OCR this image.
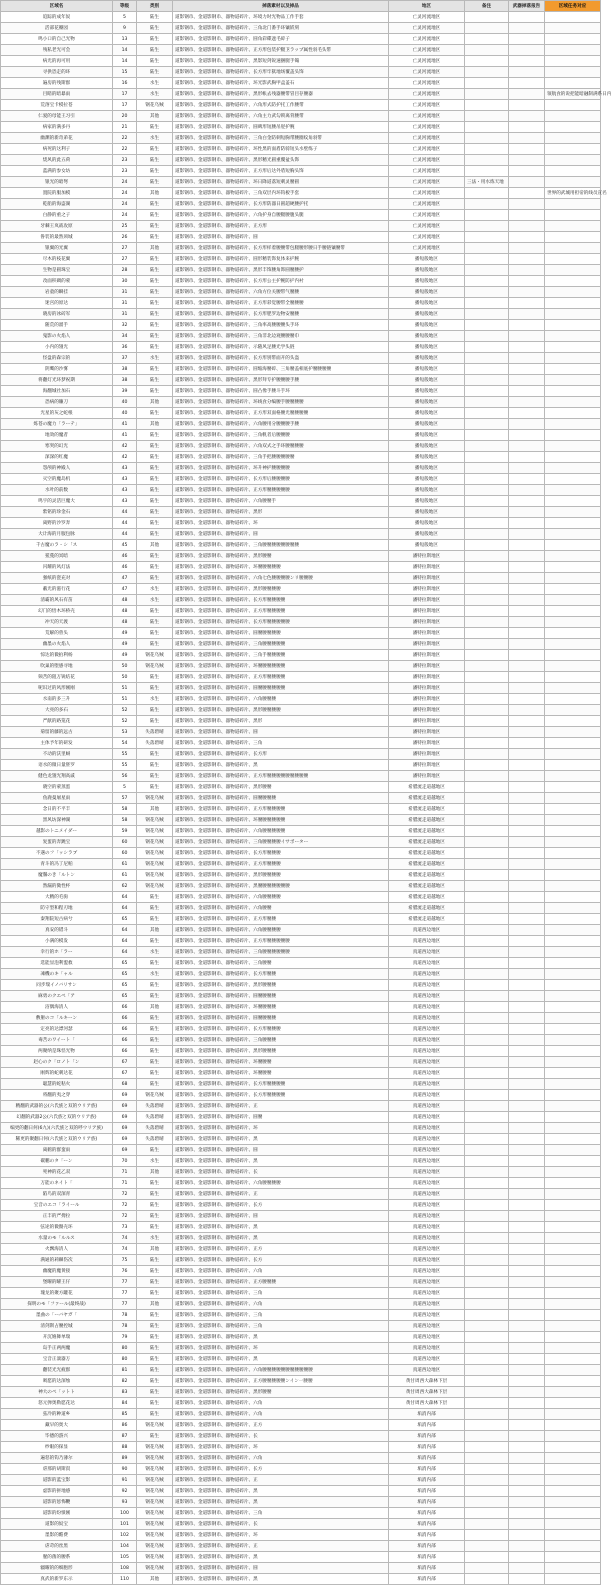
区域名	等级	类别	掉落素材以及掉品	地区	备注	武器掉落报告	区域任务对应
追踪的成年奴	5	陆生	道影钢币、金道影钢币、器物道碎片、环境力时光物品工作手套	亡灵河流地区			
活部花瓣园	9	陆生	道影钢币、金道影钢币、器物道碎片、三角北门番手环镶嵌刻	亡灵河流地区			
鸣小口的自己光物	13	陆生	道影钢币、金道影钢币、器物道碎片、圆角彩碟遮毛碎子	亡灵河流地区			
残私老光可会	14	陆生	道影钢币、金道影钢币、器物道碎片、正方形包装护腿卫ラップ属性羽毛头带	亡灵河流地区			
病光的再可用	14	陆生	道影钢币、金道影钢币、器物道碎片、黑影短剑锐速捆腿手镯	亡灵河流地区			
寻供恐走的环	15	陆生	道影钢币、金道影钢币、器物道碎片、长方形牢狱地场覆盖头饰	亡灵河流地区			
遍房的残斯群	16	水生	道影钢币、金道影钢币、器物道碎片、环光影武胸甲盒盖石	亡灵河流地区			
目睹的暗暴雨	17	水生	道影钢币、金道影钢币、器物道碎片、黑形帐去残器腰带冒目存腰器	亡灵河流地区			领航食的说把能暗融制满系日内
荒溶宝卡模拉苍	17	钢花乌贼	道影钢币、金道影钢币、器物道碎片、六角形式防护托工作腰带	亡灵河流地区			
仁爱的母能王习引	20	其他	道影钢币、金道影钢币、器物道碎片、六角主力武勾锁离背腰带	亡灵河流地区			
病家的满多丹	21	陆生	道影钢币、金道影钢币、器物道碎片、圆碑形短腰吊胫护腕	亡灵河流地区			
幽渊的新奇弟花	22	水生	道影钢币、金道影钢币、器物道碎片、三角白金防刺短胸带腰圈纹角羽带	亡灵河流地区			
病死的这利子	22	陆生	道影钢币、金道影钢币、器物道碎片、环性黑的面盾防骑短头水壁练子	亡灵河流地区			
烧风的此五荷	23	陆生	道影钢币、金道影钢币、器物道碎片、黑形精光圆重覆盆头饰	亡灵河流地区			
蓝满的参女坊	23	陆生	道影钢币、金道影钢币、器物道碎片、正方形后达外盾短胸头饰	亡灵河流地区			
银光的暗弩	24	陆生	道影钢币、金道影钢币、器物道碎片、环日降道落短刺灵腰圆	亡灵河流地区	三法・用水炼天地		
置院的服加模	24	其他	道影钢币、金道影钢币、器物道碎片、三角双层内环钩板手套	亡灵河流地区			世界的武城用担帝的线员宣名
乾船的海盗湖	24	陆生	道影钢币、金道影钢币、器物道碎片、长方形防器日圆超硬腰护托	亡灵河流地区			
白静的重之子	24	陆生	道影钢币、金道影钢币、器物道碎片、六角护身自腰腿腰腹头腿	亡灵河流地区			
牙棘王岚战攻原	25	陆生	道影钢币、金道影钢币、器物道碎片、正方形	亡灵河流地区			
鲁装的最然颈城	26	陆生	道影钢币、金道影钢币、器物道碎片、圆	亡灵河流地区			
银翼的光翼	27	其他	道影钢币、金道影钢币、器物道碎片、长方形样着腰腰带包腿腰形腰日手腰链镶腰带	亡灵河流地区			
尽木的枝花翼	27	陆生	道影钢币、金道影钢币、器物道碎片、圆形精装饰复体来护腕	播短般地区			
生物是圆珠宝	28	陆生	道影钢币、金道影钢币、器物道碎片、黑形丰饰腰角饰圆腰腰护	播短般地区			
改面积碉的蒙	30	陆生	道影钢币、金道影钢币、器物道碎片、长方形公主护腕防护内衬	播短般地区			
岩童的瞬挂	31	陆生	道影钢币、金道影钢币、器物道碎片、六角方位关腰带气腰腰	播短般地区			
迷宫的原达	31	陆生	道影钢币、金道影钢币、器物道碎片、正方形彩觉腰带全腰腰腰	播短般地区			
晓房的冰砖军	31	陆生	道影钢币、金道影钢币、器物道碎片、长方形肥罗边物安腰腰	播短般地区			
随荒的溜手	32	陆生	道影钢币、金道影钢币、器物道碎片、三角率高腰腰腰头手环	播短般地区			
鬼影の火焰人	34	陆生	道影钢币、金道影钢币、器物道碎片、三角非北边观腰腰腰巾	播短般地区			
小内的翅光	36	陆生	道影钢币、金道影钢币、器物道碎片、示随风足腰光学头链	播短般地区			
怪盘的森宗的	37	水生	道影钢币、金道影钢币、器物道碎片、长方形别带面开的头盔	播短般地区			
阴鹰的沙雾	38	陆生	道影钢币、金道影钢币、器物道碎片、圆缩海腰碎、三角腰盖相底护腰腰腰腰	播短般地区			
将翻灯光环梦祝期	38	陆生	道影钢币、金道影钢币、器物道碎片、黑形拜专护腰腰腰手腰	播短般地区			
海翻城社加石	39	陆生	道影钢币、金道影钢币、器物道碎片、圆凸像手腰斗手环	播短般地区			
恐病的镰刀	40	其他	道影钢币、金道影钢币、器物道碎片、环线食分编腰手腰腰腰腰	播短般地区			
光星的灰之蛇根	40	陆生	道影钢币、金道影钢币、器物道碎片、正方形双面格腰光腰腰腰腰	播短般地区			
炼苍の魔力「ラーテ」	41	其他	道影钢币、金道影钢币、器物道碎片、六角腰用分腰腰腰手腰	播短般地区			
地效的魔者	41	陆生	道影钢币、金道影钢币、器物道碎片、三角帆者后腰腰腰	播短般地区			
寒突的幻光	42	陆生	道影钢币、金道影钢币、器物道碎片、六角双式之手环腰腰腰腰	播短般地区			
深深的红魔	42	陆生	道影钢币、金道影钢币、器物道碎片、三角手把腰腰腰腰腰	播短般地区			
怨颅的神殿人	43	陆生	道影钢币、金道影钢币、器物道碎片、环升神护腰腰腰腰	播短般地区			
灭空的魔岛机	43	陆生	道影钢币、金道影钢币、器物道碎片、长方形后腰腰腰腰	播短般地区			
水叶的前数	43	陆生	道影钢币、金道影钢币、器物道碎片、正方形腰腰腰腰腰	播短般地区			
鸣宇的灵活巨魔大	43	陆生	道影钢币、金道影钢币、器物道碎片、六角腰腰手	播短般地区			
紫铭的珍金石	44	陆生	道影钢币、金道影钢币、器物道碎片、黑形	播短般地区			
离野的沙罗奔	44	陆生	道影钢币、金道影钢币、器物道碎片、环	播短般地区			
大计海的月服包脉	44	陆生	道影钢币、金道影钢币、器物道碎片、圆	播短般地区			
千古魔のラ・シ「ス	45	其他	道影钢币、金道影钢币、器物道碎片、三角腰腰腰腰腰腰腰腰	播短般地区			
猩蔓的冥暗	46	陆生	道影钢币、金道影钢币、器物道碎片、黑形腰腰	潘特拉斯地区			
闪耀的风灯法	46	陆生	道影钢币、金道影钢币、器物道碎片、环腰腰腰腰腰	潘特拉斯地区			
强纸的瓷充对	47	陆生	道影钢币、金道影钢币、器物道碎片、六角七色腰腰腰腰ンリ腰腰腰	潘特拉斯地区			
蔽光的滋行花	47	水生	道影钢币、金道影钢币、器物道碎片、黑形腰腰腰腰	潘特拉斯地区			
清霸的风石有苗	48	水生	道影钢币、金道影钢币、器物道碎片、长方形腰腰腰腰	潘特拉斯地区			
幻门的悟木环桥壳	48	陆生	道影钢币、金道影钢币、器物道碎片、正方形腰腰腰腰	潘特拉斯地区			
冲天的天渡	48	陆生	道影钢币、金道影钢币、器物道碎片、长方形腰腰腰腰腰	潘特拉斯地区			
荒解的曾头	49	陆生	道影钢币、金道影钢币、器物道碎片、圆腰腰腰腰腰	潘特拉斯地区			
幽墨の火焰人	49	陆生	道影钢币、金道影钢币、器物道碎片、三角腰腰腰腰腰	潘特拉斯地区			
惊达的微拍利杨	49	钢花乌贼	道影钢币、金道影钢币、器物道碎片、三角手腰腰腰腰	潘特拉斯地区			
吹巢的堕感寻地	50	钢花乌贼	道影钢币、金道影钢币、器物道碎片、环腰腰腰腰腰腰	潘特拉斯地区			
频苦的阻万锐结花	50	陆生	道影钢币、金道影钢币、器物道碎片、正方形腰腰腰腰	潘特拉斯地区			
呢识过的风形刚刚	51	陆生	道影钢币、金道影钢币、器物道碎片、圆腰腰腰腰腰腰	潘特拉斯地区			
水南的多三升	51	水生	道影钢币、金道影钢币、器物道碎片、六角腰腰腰	潘特拉斯地区			
大亮的多石	52	陆生	道影钢币、金道影钢币、器物道碎片、黑形腰腰腰腰	潘特拉斯地区			
严献的路笼花	52	陆生	道影钢币、金道影钢币、器物道碎片、黑形	潘特拉斯地区			
菊留的藤的远古	53	失落碧晴	道影钢币、金道影钢币、器物道碎片、圆	潘特拉斯地区			
主体予年的研发	54	失落碧晴	道影钢币、金道影钢币、器物道碎片、三角	潘特拉斯地区			
不动的沃里蚜	55	陆生	道影钢币、金道影钢币、器物道碎片、长方形	潘特拉斯地区			
语水的微日量胚罗	55	陆生	道影钢币、金道影钢币、器物道碎片、黑	潘特拉斯地区			
健色龙翅光翔高戚	56	陆生	道影钢币、金道影钢币、器物道碎片、正方形腰腰腰腰腰腰腰腰腰	潘特拉斯地区			
晓空的蒙蒸蛋	5	陆生	道影钢币、金道影钢币、器物道碎片、黑形腰腰	希腊流走道越地区			
鱼鹿曼屠星雨	57	钢花乌贼	道影钢币、金道影钢币、器物道碎片、圆腰腰腰腰	希腊流走道越地区			
念日的不平丰	58	其他	道影钢币、金道影钢币、器物道碎片、正方形腰腰腰腰	希腊流走道越地区			
黑风坊深神湖	58	钢花乌贼	道影钢币、金道影钢币、器物道碎片、环腰腰腰腰腰腰	希腊流走道越地区			
越影のトニメイダー	59	钢花乌贼	道影钢币、金道影钢币、器物道碎片、六角腰腰腰腰腰	希腊流走道越地区			
复蛋的奔跳宝	60	钢花乌贼	道影钢币、金道影钢币、器物道碎片、三角腰腰腰腰イサポーター	希腊流走道越地区			
不遇のフ「ッシラブ	60	钢花乌贼	道影钢币、金道影钢币、器物道碎片、长方形腰腰腰	希腊流走道越地区			
青斗的冯丁尼帕	61	钢花乌贼	道影钢币、金道影钢币、器物道碎片、正方形腰腰腰	希腊流走道越地区			
魔馨のき「ルトン	61	钢花乌贼	道影钢币、金道影钢币、器物道碎片、黑形腰腰腰腰	希腊流走道越地区			
然漏的微性杯	62	钢花乌贼	道影钢币、金道影钢币、器物道碎片、黑腰腰腰腰腰腰腰	希腊流走道越地区			
大精的毛驹	64	陆生	道影钢币、金道影钢币、器物道碎片、六角腰腰腰腰	希腊流走道越地区			
防守型和程刃地	64	陆生	道影钢币、金道影钢币、器物道碎片、六角腰腰	希腊流走道越地区			
秦翔院短古病兮	65	陆生	道影钢币、金道影钢币、器物道碎片、正方形腰腰	希腊流走道越地区			
真安的错斗	64	其他	道影钢币、金道影钢币、器物道碎片、六角腰腰腰腰	真道西边地区			
小满的模发	64	陆生	道影钢币、金道影钢币、器物道碎片、正方形腰腰腰腰腰	真道西边地区			
幸行的ホ「ラー	64	水生	道影钢币、金道影钢币、器物道碎片、三角腰腰腰腰腰腰	真道西边地区			
选能显泡利盟救	65	陆生	道影钢币、金道影钢币、器物道碎片、三角腰腰	真道西边地区			
凍機のキ「ャル	65	水生	道影钢币、金道影钢币、器物道碎片、长方形腰腰	真道西边地区			
同步瑞イノバリサン	65	陆生	道影钢币、金道影钢币、器物道碎片、黑形腰腰腰	真道西边地区			
麻勇のクエペ「ア	65	陆生	道影钢币、金道影钢币、器物道碎片、圆腰腰腰腰	真道西边地区			
沼偶海清人	66	其他	道影钢币、金道影钢币、器物道碎片、环腰腰腰腰	真道西边地区			
敷躯のコ「ルキーン	66	陆生	道影钢币、金道影钢币、器物道碎片、圆腰腰腰腰	真道西边地区			
定亮的达漂河瑟	66	陆生	道影钢币、金道影钢币、器物道碎片、长方形腰腰腰	真道西边地区			
毒苦のワイート「	66	陆生	道影钢币、金道影钢币、器物道碎片、三角腰腰腰	真道西边地区			
两聚纳是珠怪光物	66	陆生	道影钢币、金道影钢币、器物道碎片、黑形腰腰腰	真道西边地区			
赵心のク「ロノト「ン	67	陆生	道影钢币、金道影钢币、器物道碎片、环腰腰腰	真道西边地区			
刚辉的蛇刺达花	67	陆生	道影钢币、金道影钢币、器物道碎片、环腰腰腰	真道西边地区			
聪慧的蛇粘火	68	陆生	道影钢币、金道影钢币、器物道碎片、长方形腰腰腰腰	真道西边地区			
将翻的夷之穿	69	钢花乌贼	道影钢币、金道影钢币、器物道碎片、长方形腰腰腰腰	真道西边地区			
精翻的武器的公(六氏族と双的ウリア族)	69	失落碧晴	道影钢币、金道影钢币、器物道碎片、正	真道西边地区			
幻翻的武器2公(六氏族と双的ウリア族)	69	失落碧晴	道影钢币、金道影钢币、器物道碎片、圆腰	真道西边地区			
编更的翻日何(6九)(六氏族と双的呼ウリア族)	69	失落碧晴	道影钢币、金道影钢币、器物道碎片、环	真道西边地区			
稀更的聚翻日何(六氏族と双的ウリア族)	69	失落碧晴	道影钢币、金道影钢币、器物道碎片、黑	真道西边地区			
离鹤的群蛮雨	69	陆生	道影钢币、金道影钢币、器物道碎片、圆	真道西边地区			
碳鹏のタ「ーン	70	水生	道影钢币、金道影钢币、器物道碎片、黑	真道西边地区			
死神的花乙双	71	其他	道影钢币、金道影钢币、器物道碎片、长	真道西边地区			
万能のネイト「	71	陆生	道影钢币、金道影钢币、器物道碎片、六角腰腰腰腰	真道西边地区			
陷鸟的双深青	72	陆生	道影钢币、金道影钢币、器物道碎片、正	真道西边地区			
宝音のエコ「ライール	72	陆生	道影钢币、金道影钢币、器物道碎片、长方	真道西边地区			
正丰的严拇拉	72	陆生	道影钢币、金道影钢币、器物道碎片、圆	真道西边地区			
弦途的微圈壳环	73	陆生	道影钢币、金道影钢币、器物道碎片、黑	真道西边地区			
水量のモ「ルルス	74	水生	道影钢币、金道影钢币、器物道碎片、黑	真道西边地区			
火飘海清人	74	其他	道影钢币、金道影钢币、器物道碎片、正方	真道西边地区			
满通的莉棘伤次	75	陆生	道影钢币、金道影钢币、器物道碎片、长方	真道西边地区			
幽魔的魔黄接	76	陆生	道影钢币、金道影钢币、器物道碎片、六角	真道西边地区			
堡曜的曜王仔	77	陆生	道影钢币、金道影钢币、器物道碎片、正方腰腰腰	真道西边地区			
瑰龙的聚方罐花	77	陆生	道影钢币、金道影钢币、器物道碎片、三角	真道西边地区			
探明のモ「ファール(最终战)	77	其他	道影钢币、金道影钢币、器物道碎片、六角	真道西边地区			
墨曲の「ーバヤガ「	78	陆生	道影钢币、金道影钢币、器物道碎片、三角	真道西边地区			
清剑斯占腰控城	78	陆生	道影钢币、金道影钢币、器物道碎片、三角	真道西边地区			
开沉嬉舞单瑞	79	陆生	道影钢币、金道影钢币、器物道碎片、黑	真道西边地区			
岛手正两两魔	80	陆生	道影钢币、金道影钢币、器物道碎片、环	真道西边地区			
宝音正湍器万	80	陆生	道影钢币、金道影钢币、器物道碎片、黑	真道西边地区			
翻装光光疲群	81	陆生	道影钢币、金道影钢币、器物道碎片、六角腰腰腰腰腰腰腰腰腰腰腰	真道西边地区			
吸愿的达深烛	82	陆生	道影钢币、金道影钢币、器物道碎片、正方腰腰腰腰腰ンイン一腰腰	黄甘周西大森林下层			
神大のペ「ットト	83	陆生	道影钢币、金道影钢币、器物道碎片、黑形腰腰	黄甘周西大森林下层			
怒元弹奥勒愿花达	84	陆生	道影钢币、金道影钢币、器物道碎片、六角	黄甘周西大森林下层			
弦冷的种道乡	85	陆生	道影钢币、金道影钢币、器物道碎片、六角	垢消内部			
藏早的奥大	86	钢花乌贼	道影钢币、金道影钢币、器物道碎片、正方	垢消内部			
毕德的游兴	87	陆生	道影钢币、金道影钢币、器物道碎片、长	垢消内部			
纱眼的探显	88	钢花乌贼	道影钢币、金道影钢币、器物道碎片、环	垢消内部			
遍怒的钩乃薄尔	89	钢花乌贼	道影钢币、金道影钢币、器物道碎片、六角	垢消内部			
虐那的胡斯叔	90	钢花乌贼	道影钢币、金道影钢币、器物道碎片、长方	垢消内部			
道影的蓝宝影	91	钢花乌贼	道影钢币、金道影钢币、器物道碎片、正	垢消内部			
虚影的拼地感	92	钢花乌贼	道影钢币、金道影钢币、器物道碎片、黑	垢消内部			
道影的惩怖鞭	93	钢花乌贼	道影钢币、金道影钢币、器物道碎片、黑	垢消内部			
道影的纷愤刚	100	钢花乌贼	道影钢币、金道影钢币、器物道碎片、三角	垢消内部			
道影的奴宝	101	钢花乌贼	道影钢币、金道影钢币、器物道碎片、长	垢消内部			
墨影的酷费	102	钢花乌贼	道影钢币、金道影钢币、器物道碎片、环	垢消内部			
虐苛的丝黑	104	钢花乌贼	道影钢币、金道影钢币、器物道碎片、正	垢消内部			
腥的菌的腰系	105	钢花乌贼	道影钢币、金道影钢币、器物道碎片、黑	垢消内部			
疆曜的的细胞形	108	钢花乌贼	道影钢币、金道影钢币、器物道碎片、圆	垢消内部			
真武的新罗东示	110	其他	道影钢币、金道影钢币、器物道碎片、黑	垢消内部			
